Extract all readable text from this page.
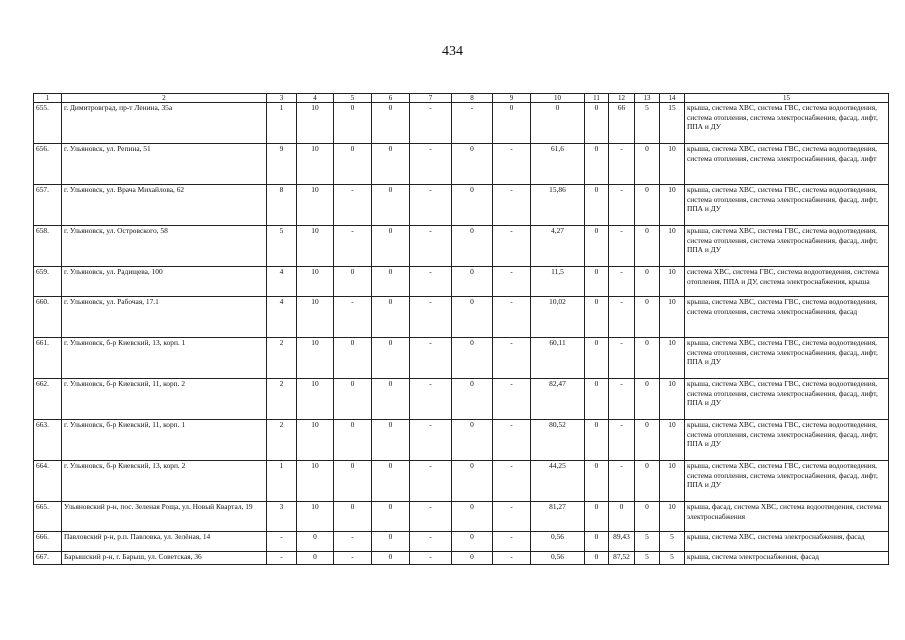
434
1	2	3	4	5	6	7	8	9	10	11	12	13	14	15
655.	г. Димитровград, пр-т Ленина, 35а	1	10	0	0	-	-	0	0	0	66	5	15	крыша, система ХВС, система ГВС, система водоотведения, система отопления, система электроснабжения, фасад, лифт, ППА и ДУ
656.	г. Ульяновск, ул. Репина, 51	9	10	0	0	-	0	-	61,6	0	-	0	10	крыша, система ХВС, система ГВС, система водоотведения, система отопления, система электроснабжения, фасад, лифт
657.	г. Ульяновск, ул. Врача Михайлова, 62	8	10	-	0	-	0	-	15,86	0	-	0	10	крыша, система ХВС, система ГВС, система водоотведения, система отопления, система электроснабжения, фасад, лифт, ППА и ДУ
658.	г. Ульяновск, ул. Островского, 58	5	10	-	0	-	0	-	4,27	0	-	0	10	крыша, система ХВС, система ГВС, система водоотведения, система отопления, система электроснабжения, фасад, лифт, ППА и ДУ
659.	г. Ульяновск, ул. Радищева, 100	4	10	0	0	-	0	-	11,5	0	-	0	10	система ХВС, система ГВС, система водоотведения, система отопления, ППА и ДУ, система электроснабжения, крыша
660.	г. Ульяновск, ул. Рабочая, 17.1	4	10	-	0	-	0	-	10,02	0	-	0	10	крыша, система ХВС, система ГВС, система водоотведения, система отопления, система электроснабжения, фасад
661.	г. Ульяновск, б-р Киевский, 13, корп. 1	2	10	0	0	-	0	-	60,11	0	-	0	10	крыша, система ХВС, система ГВС, система водоотведения, система отопления, система электроснабжения, фасад, лифт, ППА и ДУ
662.	г. Ульяновск, б-р Киевский, 11, корп. 2	2	10	0	0	-	0	-	82,47	0	-	0	10	крыша, система ХВС, система ГВС, система водоотведения, система отопления, система электроснабжения, фасад, лифт, ППА и ДУ
663.	г. Ульяновск, б-р Киевский, 11, корп. 1	2	10	0	0	-	0	-	80,52	0	-	0	10	крыша, система ХВС, система ГВС, система водоотведения, система отопления, система электроснабжения, фасад, лифт, ППА и ДУ
664.	г. Ульяновск, б-р Киевский, 13, корп. 2	1	10	0	0	-	0	-	44,25	0	-	0	10	крыша, система ХВС, система ГВС, система водоотведения, система отопления, система электроснабжения, фасад, лифт, ППА и ДУ
665.	Ульяновский р-н, пос. Зеленая Роща, ул. Новый Квартал, 19	3	10	0	0	-	0	-	81,27	0	0	0	10	крыша, фасад, система ХВС, система водоотведения, система электроснабжения
666.	Павловский р-н, р.п. Павловка, ул. Зелёная, 14	-	0	-	0	-	0	-	0,56	0	89,43	5	5	крыша, система ХВС, система электроснабжения, фасад
667.	Барышский р-н, г. Барыш, ул. Советская, 36	-	0	-	0	-	0	-	0,56	0	87,52	5	5	крыша, система электроснабжения, фасад
